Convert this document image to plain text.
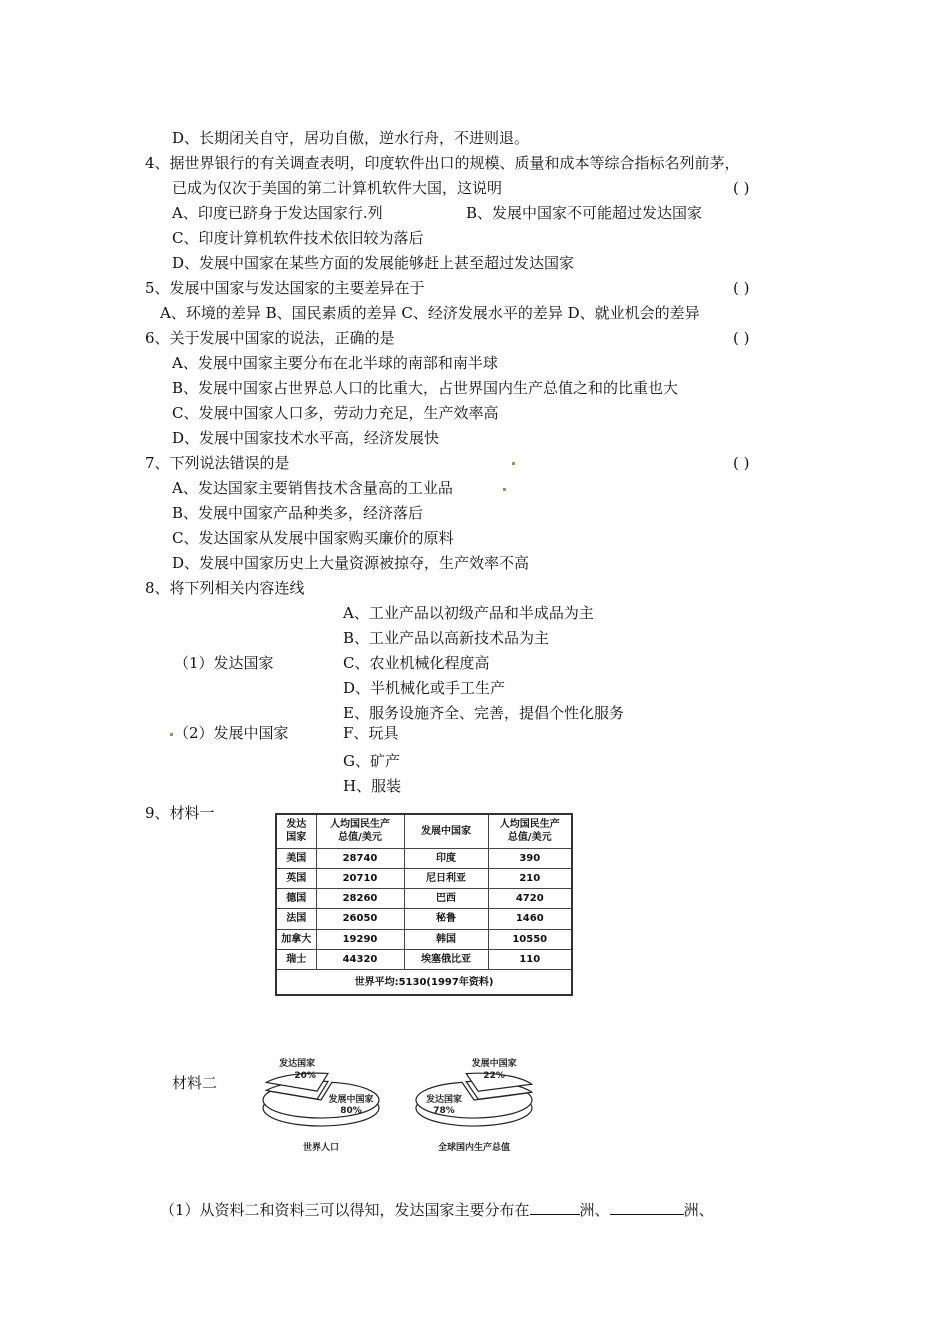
D、长期闭关自守，居功自傲，逆水行舟，不进则退。
4、据世界银行的有关调查表明，印度软件出口的规模、质量和成本等综合指标名列前茅，
已成为仅次于美国的第二计算机软件大国，这说明	( )
A、印度已跻身于发达国家行.列	B、发展中国家不可能超过发达国家
C、印度计算机软件技术依旧较为落后
D、发展中国家在某些方面的发展能够赶上甚至超过发达国家
5、发展中国家与发达国家的主要差异在于	( )
A、环境的差异 B、国民素质的差异 C、经济发展水平的差异 D、就业机会的差异
6、关于发展中国家的说法，正确的是	( )
A、发展中国家主要分布在北半球的南部和南半球
B、发展中国家占世界总人口的比重大，占世界国内生产总值之和的比重也大
C、发展中国家人口多，劳动力充足，生产效率高
D、发展中国家技术水平高，经济发展快
7、下列说法错误的是	( )
A、发达国家主要销售技术含量高的工业品
B、发展中国家产品种类多，经济落后
C、发达国家从发展中国家购买廉价的原料
D、发展中国家历史上大量资源被掠夺，生产效率不高
8、将下列相关内容连线
A、工业产品以初级产品和半成品为主
B、工业产品以高新技术品为主
（1）发达国家	C、农业机械化程度高
D、半机械化或手工生产
E、服务设施齐全、完善，提倡个性化服务
（2）发展中国家	F、玩具
G、矿产
H、服装
9、材料一
发达
国家	人均国民生产
总值/美元	发展中国家	人均国民生产
总值/美元
美国	28740	印度	390
英国	20710	尼日利亚	210
德国	28260	巴西	4720
法国	26050	秘鲁	1460
加拿大	19290	韩国	10550
瑞士	44320	埃塞俄比亚	110
世界平均:5130(1997年资料)			
材料二
发达国家
20%
发展中国家
80%
世界人口
发展中国家
22%
发达国家
78%
全球国内生产总值
（1）从资料二和资料三可以得知，发达国家主要分布在	洲、	洲、
